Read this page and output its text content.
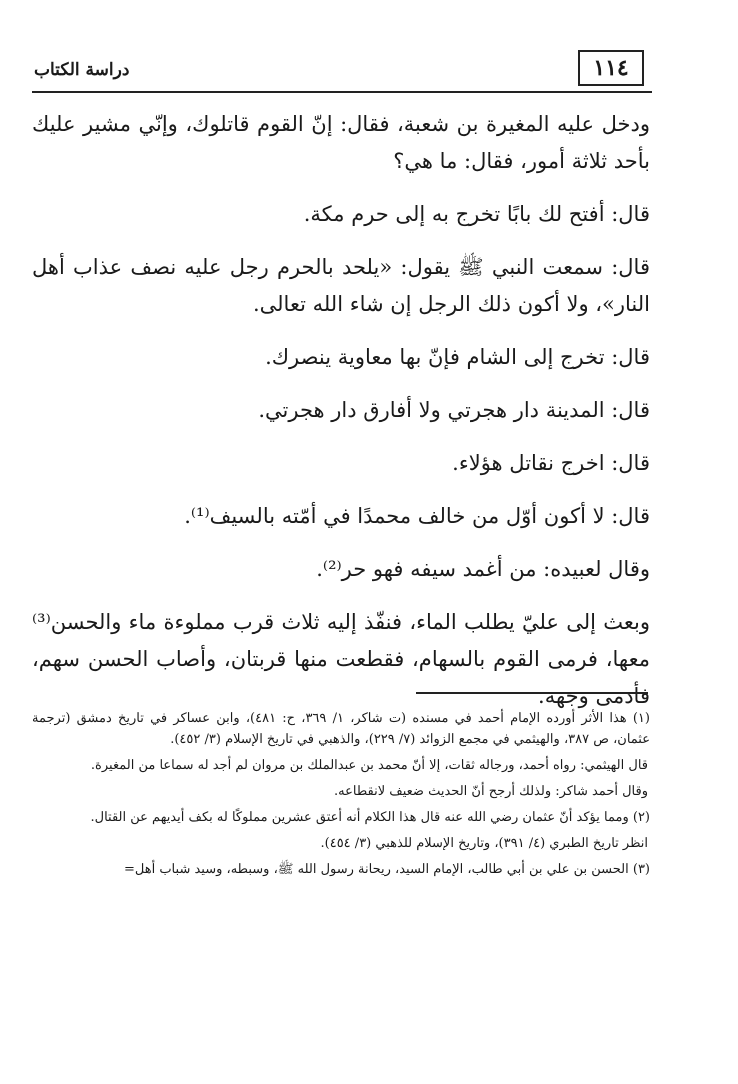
١١٤
دراسة الكتاب

ودخل عليه المغيرة بن شعبة، فقال: إنّ القوم قاتلوك، وإنّي مشير عليك بأحد ثلاثة أمور، فقال: ما هي؟

قال: أفتح لك بابًا تخرج به إلى حرم مكة.

قال: سمعت النبي ﷺ يقول: «يلحد بالحرم رجل عليه نصف عذاب أهل النار»، ولا أكون ذلك الرجل إن شاء الله تعالى.

قال: تخرج إلى الشام فإنّ بها معاوية ينصرك.

قال: المدينة دار هجرتي ولا أفارق دار هجرتي.

قال: اخرج نقاتل هؤلاء.

قال: لا أكون أوّل من خالف محمدًا في أمّته بالسيف⁽¹⁾.

وقال لعبيده: من أغمد سيفه فهو حر⁽²⁾.

وبعث إلى عليّ يطلب الماء، فنفّذ إليه ثلاث قرب مملوءة ماء والحسن⁽³⁾ معها، فرمى القوم بالسهام، فقطعت منها قربتان، وأصاب الحسن سهم، فأدمى وجهه.

(١) هذا الأثر أورده الإمام أحمد في مسنده (ت شاكر، ١/ ٣٦٩، ح: ٤٨١)، وابن عساكر في تاريخ دمشق (ترجمة عثمان، ص ٣٨٧، والهيثمي في مجمع الزوائد (٧/ ٢٢٩)، والذهبي في تاريخ الإسلام (٣/ ٤٥٢).

قال الهيثمي: رواه أحمد، ورجاله ثقات، إلا أنّ محمد بن عبدالملك بن مروان لم أجد له سماعا من المغيرة.

وقال أحمد شاكر: ولذلك أرجح أنّ الحديث ضعيف لانقطاعه.

(٢) ومما يؤكد أنّ عثمان رضي الله عنه قال هذا الكلام أنه أعتق عشرين مملوكًا له بكف أيديهم عن القتال.

انظر تاريخ الطبري (٤/ ٣٩١)، وتاريخ الإسلام للذهبي (٣/ ٤٥٤).

(٣) الحسن بن علي بن أبي طالب، الإمام السيد، ريحانة رسول الله ﷺ، وسبطه، وسيد شباب أهل=
